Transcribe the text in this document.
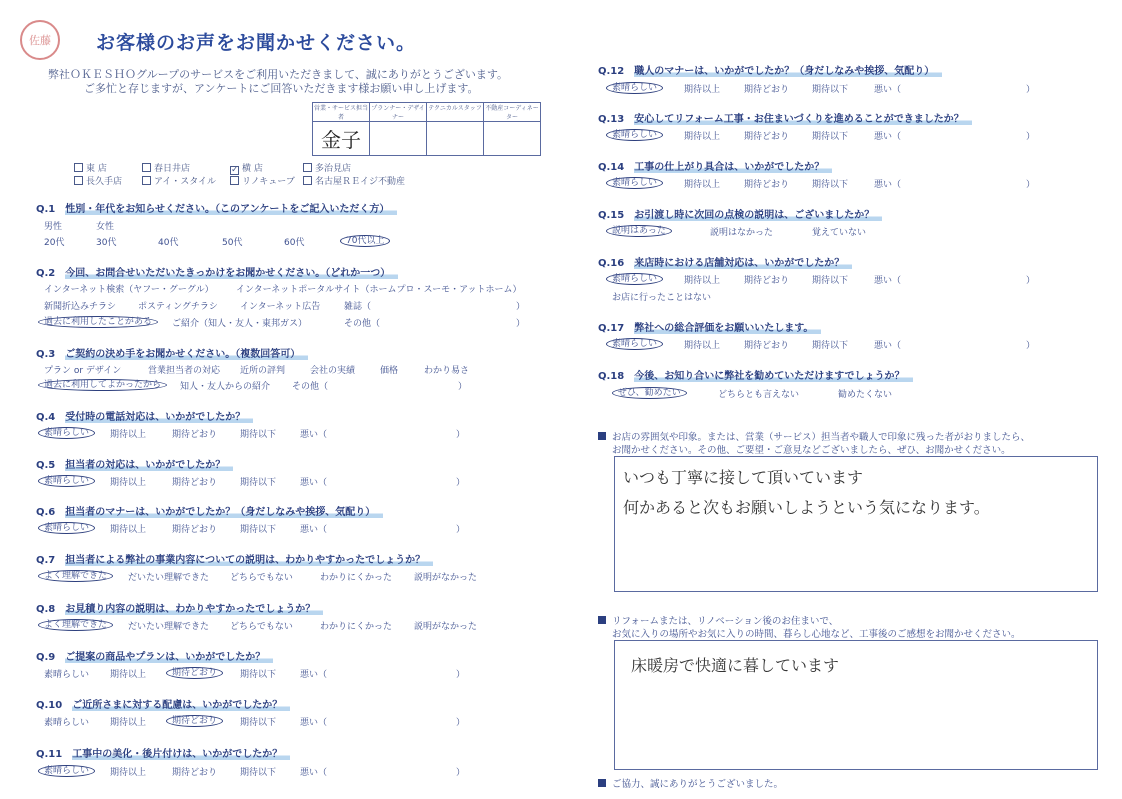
佐藤 お客様のお声をお聞かせください。
弊社ＯＫＥＳＨＯグループのサービスをご利用いただきまして、誠にありがとうございます。
ご多忙と存じますが、アンケートにご回答いただきます様お願い申し上げます。
営業・サービス担当者	プランナー・デザイナー	テクニカルスタッフ	不動産コーディネーター
金子			
東 店	春日井店	✓ 横 店	多治見店
長久手店	アイ・スタイル	リノキューブ	名古屋ＲＥイジ不動産
Q.1　 性別・年代をお知らせください。（このアンケートをご記入いただく方）
男性	女性
20代	30代	40代	50代	60代	70代以上
Q.2　 今回、お問合せいただいたきっかけをお聞かせください。（どれか一つ）
インターネット検索（ヤフー・グーグル） インターネットポータルサイト（ホームプロ・スーモ・アットホーム）
新聞折込みチラシ ポスティングチラシ インターネット広告	雑誌（	）
過去に利用したことがある	ご紹介（知人・友人・東邦ガス）	その他（	）
Q.3　 ご契約の決め手をお聞かせください。（複数回答可）
プラン or デザイン	営業担当者の対応 近所の評判	会社の実績	価格	わかり易さ
過去に利用してよかったから	知人・友人からの紹介 その他（	）
Q.4　 受付時の電話対応は、いかがでしたか？
素晴らしい	期待以上	期待どおり	期待以下	悪い（	）
Q.5　 担当者の対応は、いかがでしたか？
素晴らしい	期待以上	期待どおり	期待以下	悪い（	）
Q.6　 担当者のマナーは、いかがでしたか？（身だしなみや挨拶、気配り）
素晴らしい	期待以上	期待どおり	期待以下	悪い（	）
Q.7　 担当者による弊社の事業内容についての説明は、わかりやすかったでしょうか？
よく理解できた	だいたい理解できた どちらでもない	わかりにくかった 説明がなかった
Q.8　 お見積り内容の説明は、わかりやすかったでしょうか？
よく理解できた	だいたい理解できた どちらでもない	わかりにくかった 説明がなかった
Q.9　 ご提案の商品やプランは、いかがでしたか？
素晴らしい 期待以上	期待どおり	期待以下	悪い（	）
Q.10　 ご近所さまに対する配慮は、いかがでしたか？
素晴らしい 期待以上	期待どおり	期待以下	悪い（	）
Q.11　 工事中の美化・後片付けは、いかがでしたか？
素晴らしい	期待以上	期待どおり	期待以下	悪い（	）
Q.12　 職人のマナーは、いかがでしたか？（身だしなみや挨拶、気配り）
素晴らしい	期待以上	期待どおり	期待以下	悪い（	）
Q.13　 安心してリフォーム工事・お住まいづくりを進めることができましたか？
素晴らしい	期待以上	期待どおり	期待以下	悪い（	）
Q.14　 工事の仕上がり具合は、いかがでしたか？
素晴らしい	期待以上	期待どおり	期待以下	悪い（	）
Q.15　 お引渡し時に次回の点検の説明は、ございましたか？
説明はあった	説明はなかった	覚えていない
Q.16　 来店時における店舗対応は、いかがでしたか？
素晴らしい	期待以上	期待どおり	期待以下	悪い（	）
お店に行ったことはない
Q.17　 弊社への総合評価をお願いいたします。
素晴らしい	期待以上	期待どおり	期待以下	悪い（	）
Q.18　 今後、お知り合いに弊社を勧めていただけますでしょうか？
ぜひ、勧めたい	どちらとも言えない	勧めたくない
お店の雰囲気や印象。または、営業（サービス）担当者や職人で印象に残った者がおりましたら、
お聞かせください。その他、ご要望・ご意見などございましたら、ぜひ、お聞かせください。
いつも丁寧に接して頂いています
何かあると次もお願いしようという気になります。
リフォームまたは、リノベーション後のお住まいで、
お気に入りの場所やお気に入りの時間、暮らし心地など、工事後のご感想をお聞かせください。
床暖房で快適に暮しています
ご協力、誠にありがとうございました。
